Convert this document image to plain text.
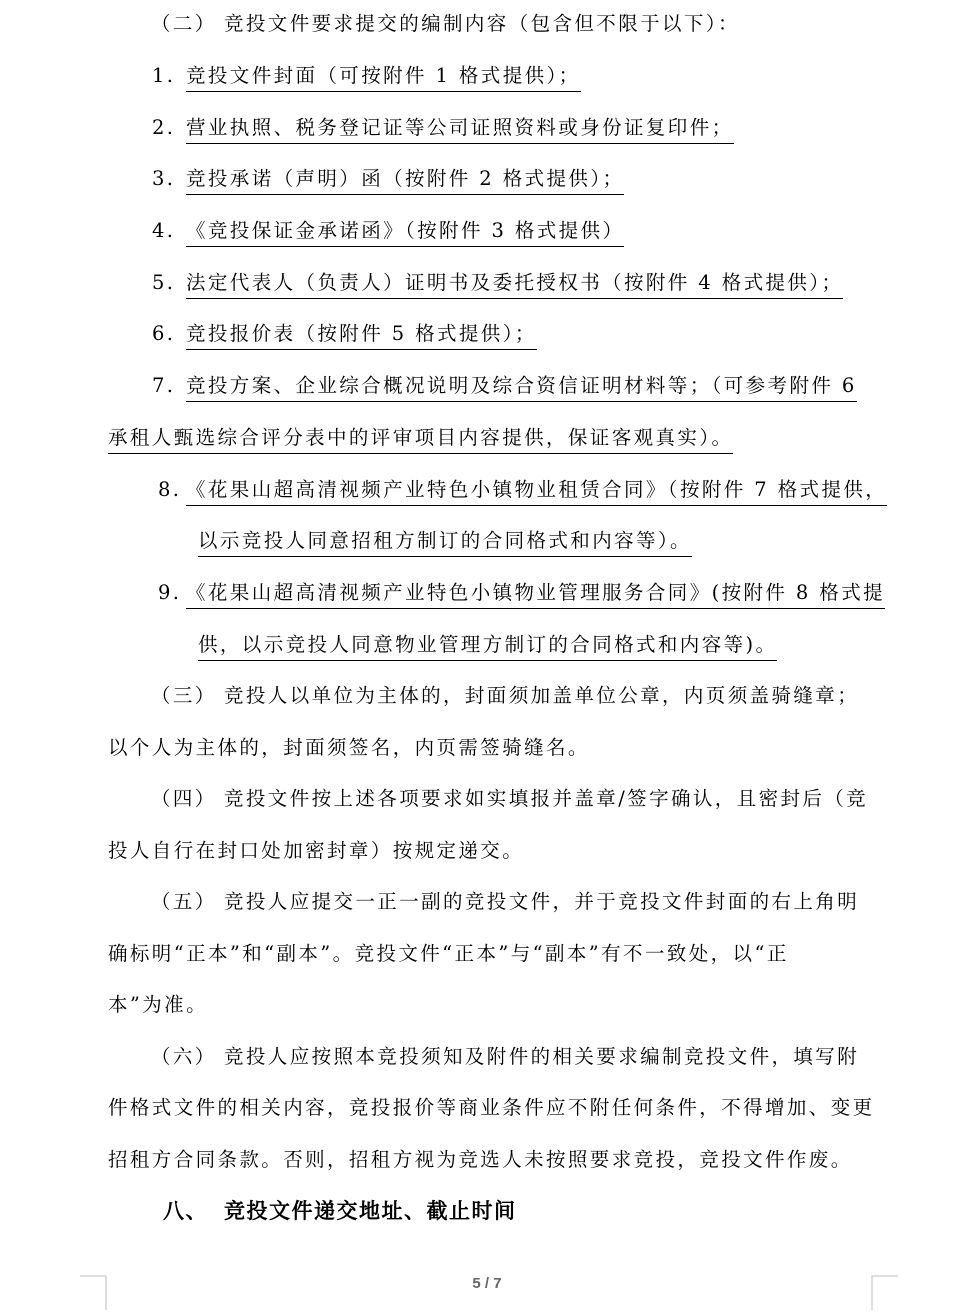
（二） 竞投文件要求提交的编制内容（包含但不限于以下）：
1. 竞投文件封面（可按附件 1 格式提供）；
2. 营业执照、税务登记证等公司证照资料或身份证复印件；
3. 竞投承诺（声明）函（按附件 2 格式提供）；
4. 《竞投保证金承诺函》（按附件 3 格式提供）
5. 法定代表人（负责人）证明书及委托授权书（按附件 4 格式提供）；
6. 竞投报价表（按附件 5 格式提供）；
7. 竞投方案、企业综合概况说明及综合资信证明材料等；（可参考附件 6
承租人甄选综合评分表中的评审项目内容提供，保证客观真实）。
8. 《花果山超高清视频产业特色小镇物业租赁合同》（按附件 7 格式提供，
以示竞投人同意招租方制订的合同格式和内容等）。
9. 《花果山超高清视频产业特色小镇物业管理服务合同》(按附件 8 格式提
供，以示竞投人同意物业管理方制订的合同格式和内容等)。
（三） 竞投人以单位为主体的，封面须加盖单位公章，内页须盖骑缝章；
以个人为主体的，封面须签名，内页需签骑缝名。
（四） 竞投文件按上述各项要求如实填报并盖章/签字确认，且密封后（竞
投人自行在封口处加密封章）按规定递交。
（五） 竞投人应提交一正一副的竞投文件，并于竞投文件封面的右上角明
确标明“正本”和“副本”。竞投文件“正本”与“副本”有不一致处，以“正
本”为准。
（六） 竞投人应按照本竞投须知及附件的相关要求编制竞投文件，填写附
件格式文件的相关内容，竞投报价等商业条件应不附任何条件，不得增加、变更
招租方合同条款。否则，招租方视为竞选人未按照要求竞投，竞投文件作废。
八、 竞投文件递交地址、截止时间
5 / 7
